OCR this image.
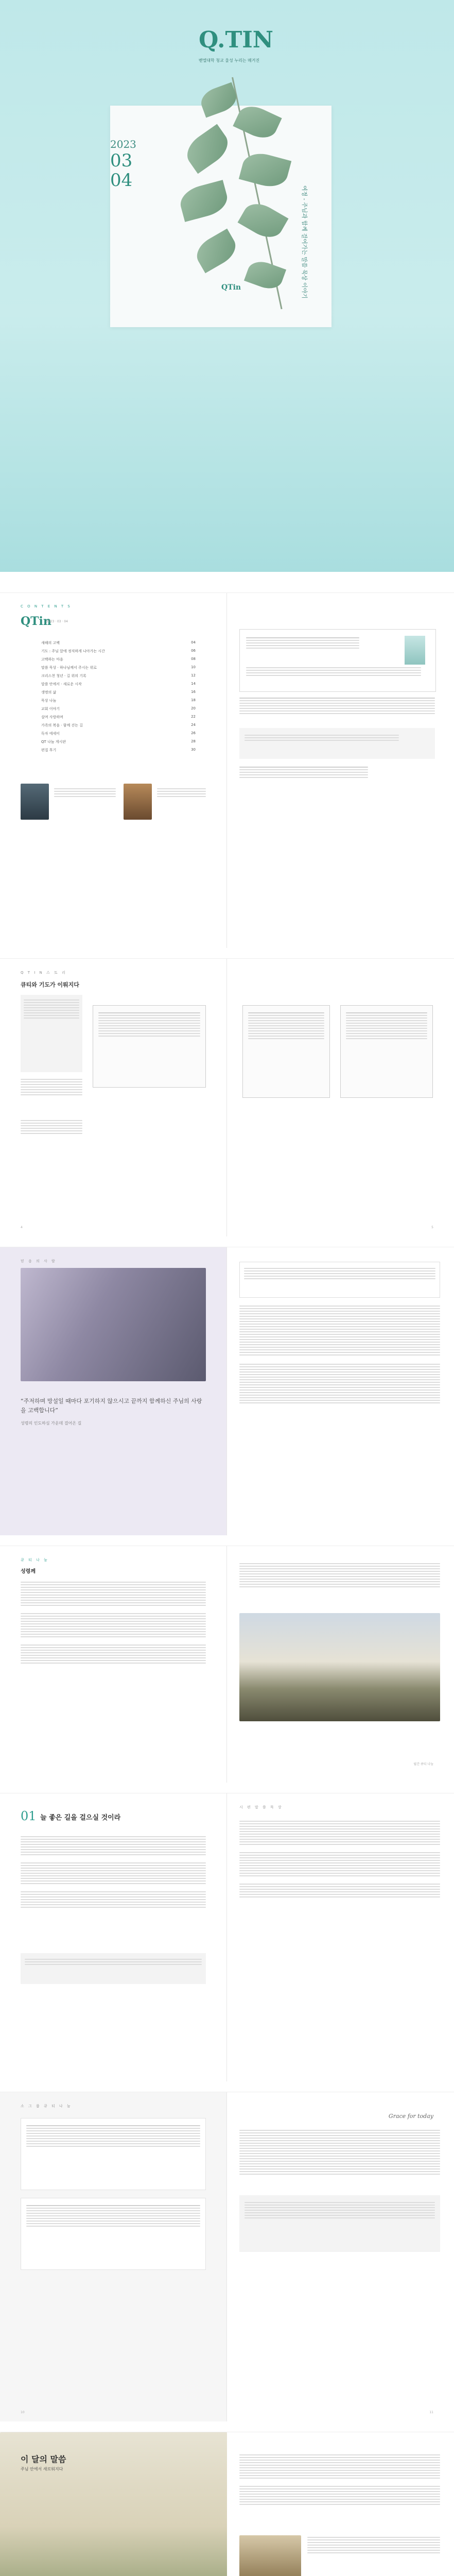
Q.TIN
벧엘대학 청교 울성 누리는 매거진
2023
03
04
여정 - 주님과 함께 걸어가는 말씀 묵상 이야기
QTin
C O N T E N T S
QTin
2023 · 03 · 04
새해의 고백	04
기도 : 주님 앞에 정직하게 나아가는 시간	06
고백하는 마음	08
말씀 묵상 · 하나님께서 주시는 위로	10
크리스천 청년 · 길 위의 기록	12
말씀 안에서 · 새로운 시작	14
생명의 삶	16
묵상 나눔	18
교회 이야기	20
살며 사랑하며	22
가족의 복음 · 함께 걷는 길	24
독자 에세이	26
QT 나눔 게시판	28
편집 후기	30
Q T I N 스 토 리
큐티와 기도가 이뤄지다
4	5
믿 음 의 사 람
“주저하며 망설일 때마다 포기하지 않으시고 끝까지 함께하신 주님의 사랑을 고백합니다”
성령의 인도하심 가운데 걸어온 길
큐 티 나 눔
성령께
월간 큐티 나눔
01 늘 좋은 길을 걸으실 것이라
시 편 말 씀 묵 상
소 그 룹 큐 티 나 눔
10
Grace for today
11
이 달의 말씀
주님 안에서 새로워지다
